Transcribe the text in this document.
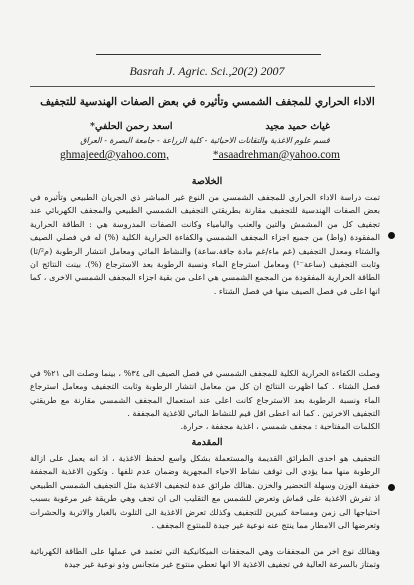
Basrah J. Agric. Sci.,20(2) 2007
الاداء الحراري للمجفف الشمسي وتأثيره في بعض الصفات الهندسية للتجفيف
غياث حميد مجيد
اسعد رحمن الحلفي*
قسم علوم الاغذية والتقانات الاحيائية - كلية الزراعة - جامعة البصرة - العراق
ghmajeed@yahoo.com,	*asaadrehman@yahoo.com
الخلاصة
تمت دراسة الاداء الحراري للمجفف الشمسي من النوع غير المباشر ذي الجريان الطبيعي وتأثيره في بعض الصفات الهندسية للتجفيف مقارنة بطريقتي التجفيف الشمسي الطبيعي والمجفف الكهربائي عند تجفيف كل من المشمش والتين والعنب والبامياء وكانت الصفات المدروسة هي : الطاقة الحرارية المفقودة (واط) من جميع اجزاء المجفف الشمسي والكفاءة الحرارية الكلية (%) له في فصلي الصيف والشتاء ومعدل التجفيف (غم ماء/غم مادة جافة.ساعة) والنشاط المائي ومعامل انتشار الرطوبة (م²/ثا) وثابت التجفيف (ساعة⁻¹) ومعامل استرجاع الماء ونسبة الرطوبة بعد الاسترجاع (%). بينت النتائج ان الطاقة الحرارية المفقودة من المجمع الشمسي هي اعلى من بقية اجزاء المجفف الشمسي الاخرى ، كما انها اعلى في فصل الصيف منها في فصل الشتاء .
وصلت الكفاءة الحرارية الكلية للمجفف الشمسي في فصل الصيف الى ٣٤% ، بينما وصلت الى ٢١% في فصل الشتاء . كما اظهرت النتائج ان كل من معامل انتشار الرطوبة وثابت التجفيف ومعامل استرجاع الماء ونسبة الرطوبة بعد الاسترجاع كانت اعلى عند استعمال المجفف الشمسي مقارنة مع طريقتي التجفيف الاخرتين . كما انه اعطى اقل قيم للنشاط المائي للاغذية المجففة .
الكلمات المفتاحية : مجفف شمسي ، اغذية مجففة ، حرارة.
المقدمة
التجفيف هو احدى الطرائق القديمة والمستعملة بشكل واسع لحفظ الاغذية ، اذ انه يعمل على ازالة الرطوبة منها مما يؤدي الى توقف نشاط الاحياء المجهرية وضمان عدم تلفها . وتكون الاغذية المجففة خفيفة الوزن وسهلة التحضير والخزن .هنالك طرائق عدة لتجفيف الاغذية مثل التجفيف الشمسي الطبيعي اذ تفرش الاغذية على قماش وتعرض للشمس مع التقليب الى ان تجف وهي طريقة غير مرغوبة بسبب احتياجها الى زمن ومساحة كبيرين للتجفيف وكذلك تعرض الاغذية الى التلوث بالغبار والاتربة والحشرات وتعرضها الى الامطار مما ينتج عنه نوعية غير جيدة للمنتوج المجفف .
وهنالك نوع اخر من المجففات وهي المجففات الميكانيكية التي تعتمد في عملها على الطاقة الكهربائية وتمتاز بالسرعة العالية في تجفيف الاغذية الا انها تعطي منتوج غير متجانس وذو نوعية غير جيدة
